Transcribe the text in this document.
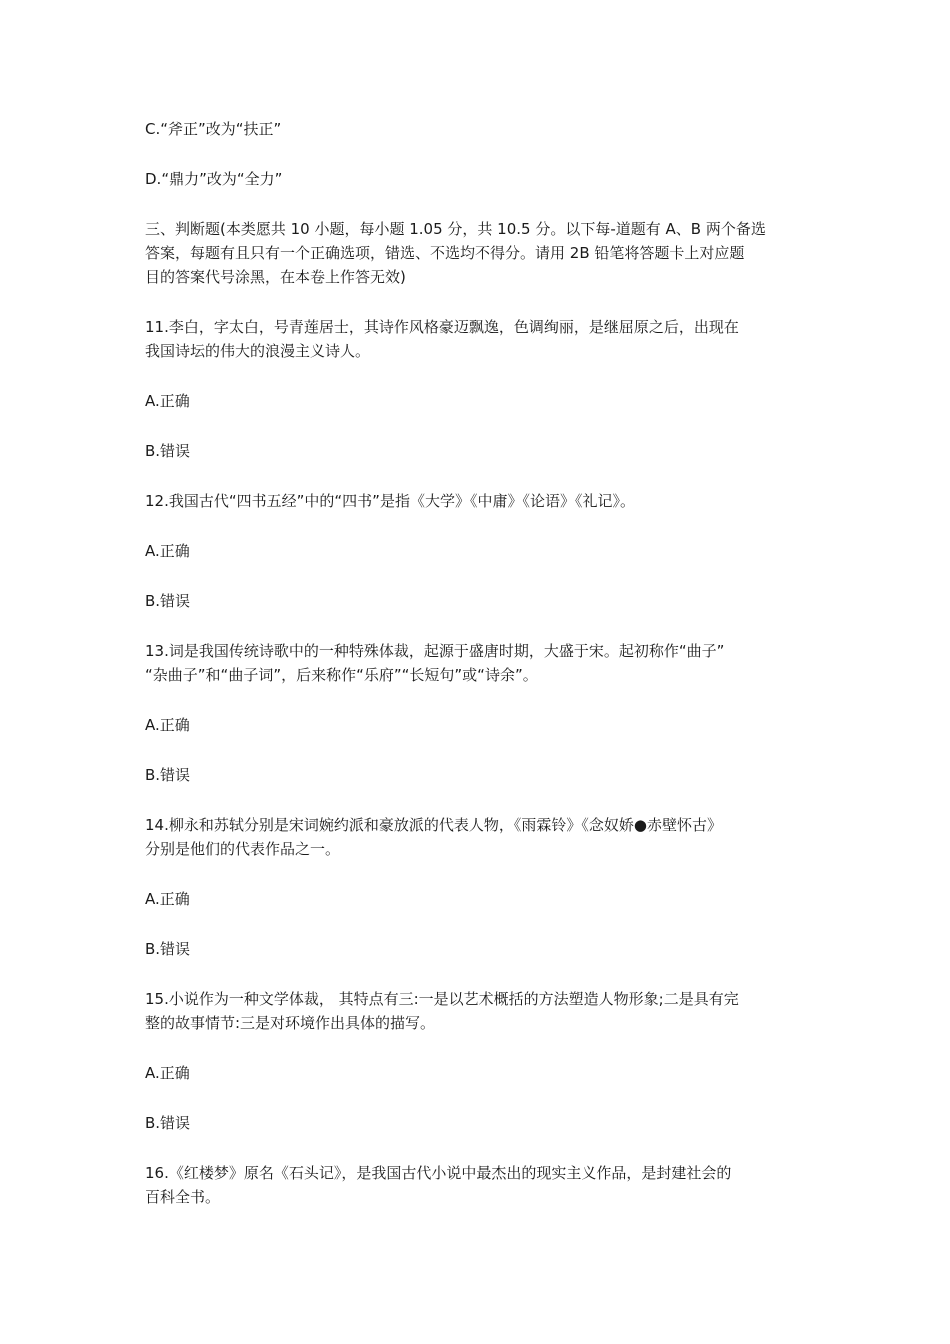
C.“斧正”改为“扶正”

D.“鼎力”改为“全力”

三、判断题(本类愿共 10 小题，每小题 1.05 分，共 10.5 分。以下每-道题有 A、B 两个备选

答案，每题有且只有一个正确选项，错选、不选均不得分。请用 2B 铅笔将答题卡上对应题

目的答案代号涂黑，在本卷上作答无效)

11.李白，字太白，号青莲居士，其诗作风格豪迈飘逸，色调绚丽，是继屈原之后，出现在

我国诗坛的伟大的浪漫主义诗人。

A.正确

B.错误

12.我国古代“四书五经”中的“四书”是指《大学》《中庸》《论语》《礼记》。

A.正确

B.错误

13.词是我国传统诗歌中的一种特殊体裁，起源于盛唐时期，大盛于宋。起初称作“曲子”

“杂曲子”和“曲子词”，后来称作“乐府”“长短句”或“诗余”。

A.正确

B.错误

14.柳永和苏轼分别是宋词婉约派和豪放派的代表人物，《雨霖铃》《念奴娇●赤壁怀古》

分别是他们的代表作品之一。

A.正确

B.错误

15.小说作为一种文学体裁， 其特点有三:一是以艺术概括的方法塑造人物形象;二是具有完

整的故事情节:三是对环境作出具体的描写。

A.正确

B.错误

16.《红楼梦》原名《石头记》，是我国古代小说中最杰出的现实主义作品，是封建社会的

百科全书。
